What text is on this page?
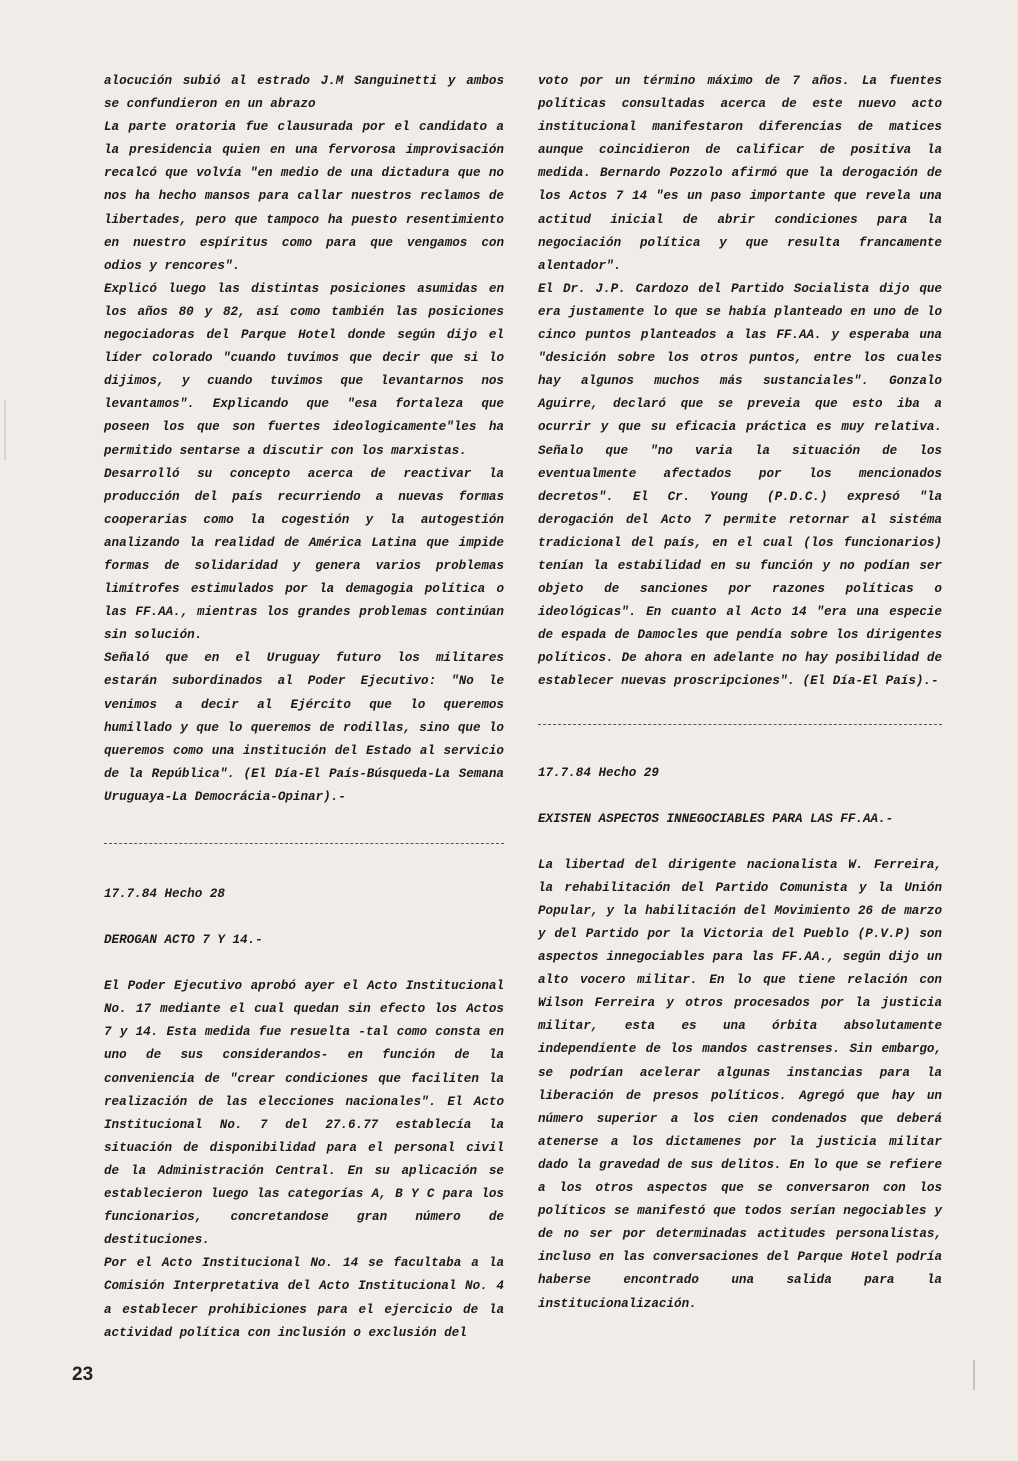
alocución subió al estrado J.M Sanguinetti y ambos se confundieron en un abrazo

La parte oratoria fue clausurada por el candidato a la presidencia quien en una fervorosa improvisación recalcó que volvía "en medio de una dictadura que no nos ha hecho mansos para callar nuestros reclamos de libertades, pero que tampoco ha puesto resentimiento en nuestro espíritus como para que vengamos con odios y rencores".

Explicó luego las distintas posiciones asumidas en los años 80 y 82, así como también las posiciones negociadoras del Parque Hotel donde según dijo el líder colorado "cuando tuvimos que decir que si lo dijimos, y cuando tuvimos que levantarnos nos levantamos". Explicando que "esa fortaleza que poseen los que son fuertes ideologicamente"les ha permitido sentarse a discutir con los marxistas.

Desarrolló su concepto acerca de reactivar la producción del país recurriendo a nuevas formas cooperarias como la cogestión y la autogestión analizando la realidad de América Latina que impide formas de solidaridad y genera varios problemas limítrofes estimulados por la demagogia política o las FF.AA., mientras los grandes problemas continúan sin solución.

Señaló que en el Uruguay futuro los militares estarán subordinados al Poder Ejecutivo: "No le venimos a decir al Ejército que lo queremos humillado y que lo queremos de rodillas, sino que lo queremos como una institución del Estado al servicio de la República". (El Día-El País-Búsqueda-La Semana Uruguaya-La Democrácia-Opinar).-

17.7.84 Hecho 28

DEROGAN ACTO 7 Y 14.-

El Poder Ejecutivo aprobó ayer el Acto Institucional No. 17 mediante el cual quedan sin efecto los Actos 7 y 14. Esta medida fue resuelta -tal como consta en uno de sus considerandos- en función de la conveniencia de "crear condiciones que faciliten la realización de las elecciones nacionales". El Acto Institucional No. 7 del 27.6.77 establecía la situación de disponibilidad para el personal civil de la Administración Central. En su aplicación se establecieron luego las categorías A, B Y C para los funcionarios, concretandose gran número de destituciones.

Por el Acto Institucional No. 14 se facultaba a la Comisión Interpretativa del Acto Institucional No. 4 a establecer prohibiciones para el ejercicio de la actividad política con inclusión o exclusión del

voto por un término máximo de 7 años. La fuentes políticas consultadas acerca de este nuevo acto institucional manifestaron diferencias de matices aunque coincidieron de calificar de positiva la medida. Bernardo Pozzolo afirmó que la derogación de los Actos 7 14 "es un paso importante que revela una actitud inicial de abrir condiciones para la negociación política y que resulta francamente alentador".

El Dr. J.P. Cardozo del Partido Socialista dijo que era justamente lo que se había planteado en uno de lo cinco puntos planteados a las FF.AA. y esperaba una "desición sobre los otros puntos, entre los cuales hay algunos muchos más sustanciales". Gonzalo Aguirre, declaró que se preveia que esto iba a ocurrir y que su eficacia práctica es muy relativa. Señalo que "no varia la situación de los eventualmente afectados por los mencionados decretos". El Cr. Young (P.D.C.) expresó "la derogación del Acto 7 permite retornar al sistéma tradicional del país, en el cual (los funcionarios) tenían la estabilidad en su función y no podían ser objeto de sanciones por razones políticas o ideológicas". En cuanto al Acto 14 "era una especie de espada de Damocles que pendía sobre los dirigentes políticos. De ahora en adelante no hay posibilidad de establecer nuevas proscripciones". (El Día-El País).-

17.7.84 Hecho 29

EXISTEN ASPECTOS INNEGOCIABLES PARA LAS FF.AA.-

La libertad del dirigente nacionalista W. Ferreira, la rehabilitación del Partido Comunista y la Unión Popular, y la habilitación del Movimiento 26 de marzo y del Partido por la Victoria del Pueblo (P.V.P) son aspectos innegociables para las FF.AA., según dijo un alto vocero militar. En lo que tiene relación con Wilson Ferreira y otros procesados por la justicia militar, esta es una órbita absolutamente independiente de los mandos castrenses. Sin embargo, se podrían acelerar algunas instancias para la liberación de presos políticos. Agregó que hay un número superior a los cien condenados que deberá atenerse a los dictamenes por la justicia militar dado la gravedad de sus delitos. En lo que se refiere a los otros aspectos que se conversaron con los políticos se manifestó que todos serían negociables y de no ser por determinadas actitudes personalistas, incluso en las conversaciones del Parque Hotel podría haberse encontrado una salida para la institucionalización.

23
